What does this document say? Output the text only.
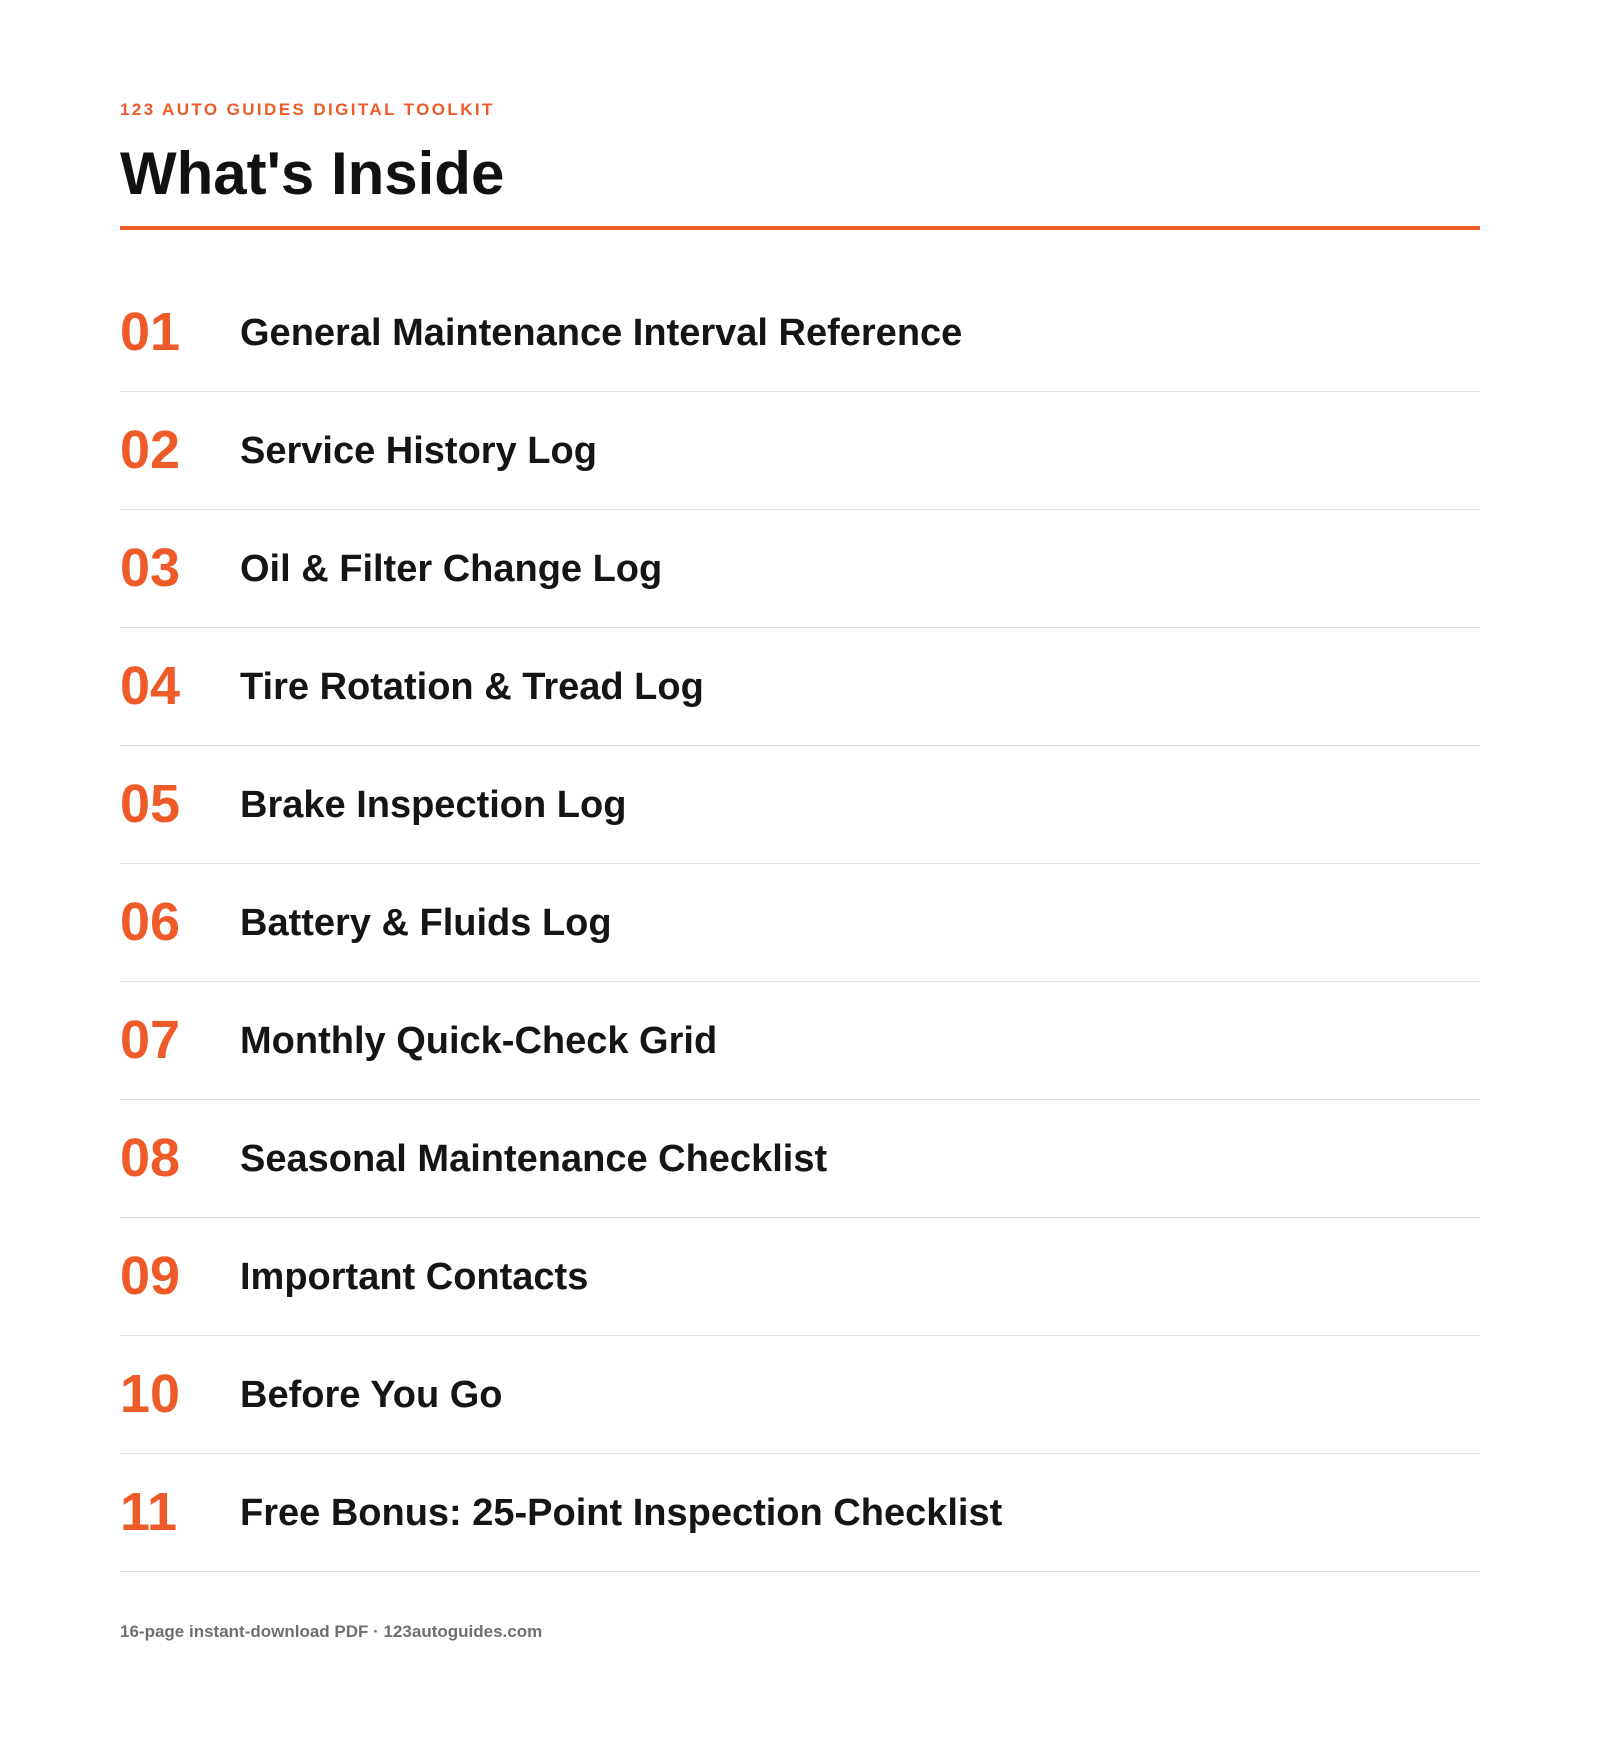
123 AUTO GUIDES DIGITAL TOOLKIT
What's Inside
01 General Maintenance Interval Reference
02 Service History Log
03 Oil & Filter Change Log
04 Tire Rotation & Tread Log
05 Brake Inspection Log
06 Battery & Fluids Log
07 Monthly Quick-Check Grid
08 Seasonal Maintenance Checklist
09 Important Contacts
10 Before You Go
11 Free Bonus: 25-Point Inspection Checklist
16-page instant-download PDF · 123autoguides.com
